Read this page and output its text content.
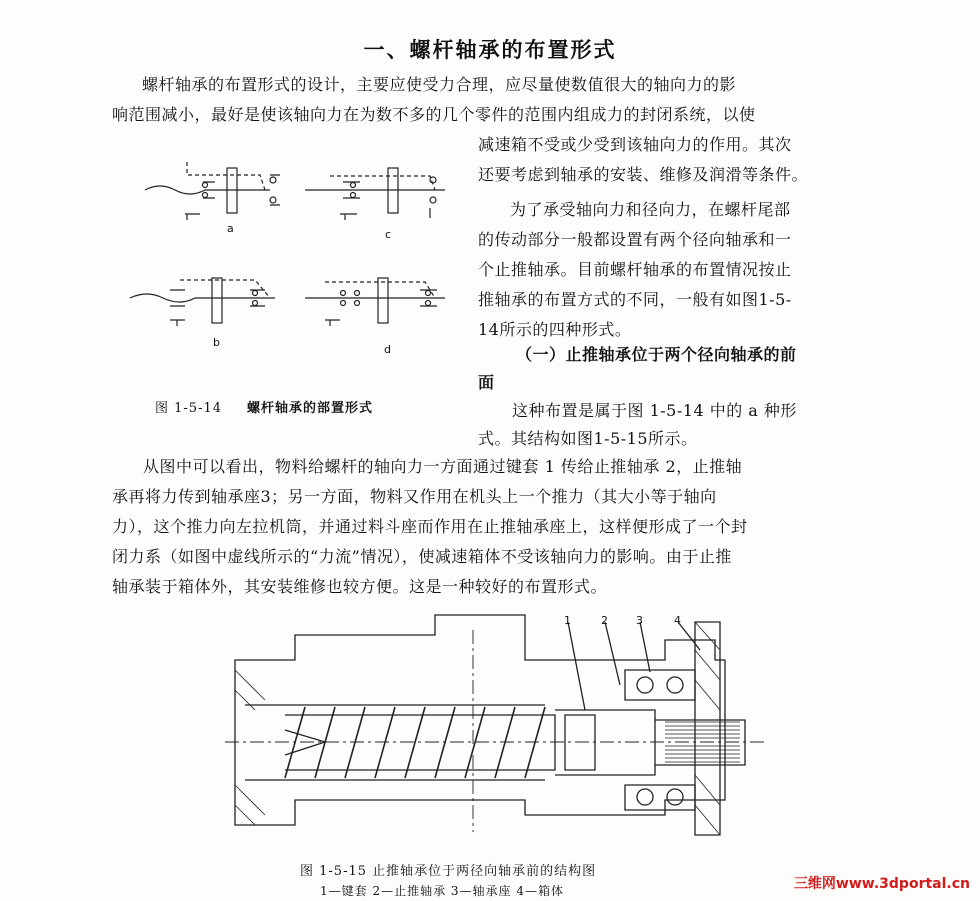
一、螺杆轴承的布置形式
螺杆轴承的布置形式的设计，主要应使受力合理，应尽量使数值很大的轴向力的影
响范围减小，最好是使该轴向力在为数不多的几个零件的范围内组成力的封闭系统，以使
减速箱不受或少受到该轴向力的作用。其次
还要考虑到轴承的安装、维修及润滑等条件。
为了承受轴向力和径向力，在螺杆尾部
的传动部分一般都设置有两个径向轴承和一
个止推轴承。目前螺杆轴承的布置情况按止
推轴承的布置方式的不同，一般有如图1-5-
14所示的四种形式。
（一）止推轴承位于两个径向轴承的前
面
这种布置是属于图 1-5-14 中的 a 种形
式。其结构如图1-5-15所示。
a	c
b
d
图 1-5-14 螺杆轴承的部置形式
从图中可以看出，物料给螺杆的轴向力一方面通过键套 1 传给止推轴承 2，止推轴
承再将力传到轴承座3；另一方面，物料又作用在机头上一个推力（其大小等于轴向
力），这个推力向左拉机筒，并通过料斗座而作用在止推轴承座上，这样便形成了一个封
闭力系（如图中虚线所示的“力流”情况），使减速箱体不受该轴向力的影响。由于止推
轴承装于箱体外，其安装维修也较方便。这是一种较好的布置形式。
1	2	3	4
图 1-5-15 止推轴承位于两径向轴承前的结构图
1—键套 2—止推轴承 3—轴承座 4—箱体	三维网www.3dportal.cn
